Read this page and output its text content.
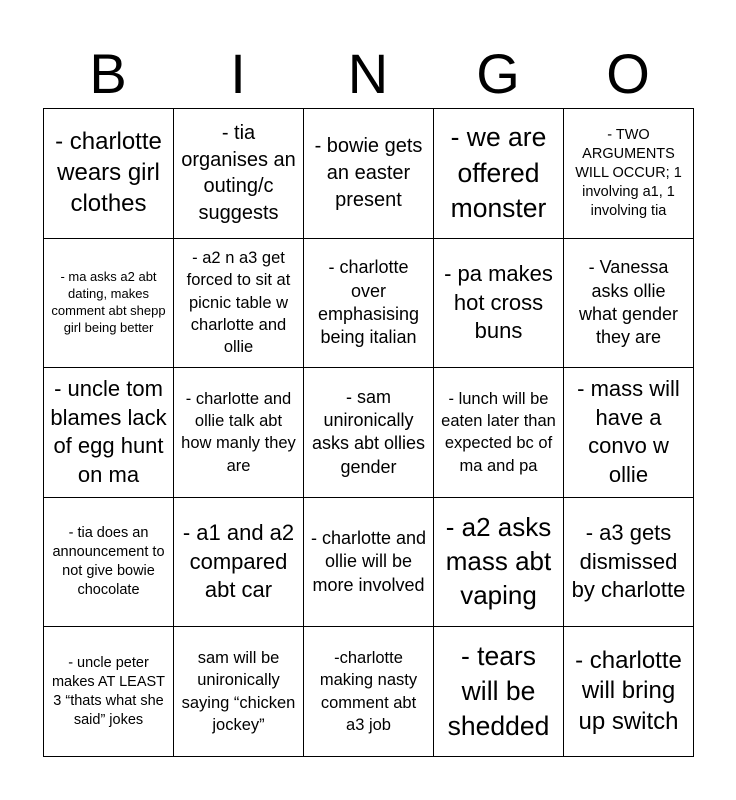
B	I	N	G	O
- charlotte wears girl clothes	- tia organises an outing/c suggests	- bowie gets an easter present	- we are offered monster	- TWO ARGUMENTS WILL OCCUR; 1 involving a1, 1 involving tia
- ma asks a2 abt dating, makes comment abt shepp girl being better	- a2 n a3 get forced to sit at picnic table w charlotte and ollie	- charlotte over emphasising being italian	- pa makes hot cross buns	- Vanessa asks ollie what gender they are
- uncle tom blames lack of egg hunt on ma	- charlotte and ollie talk abt how manly they are	- sam unironically asks abt ollies gender	- lunch will be eaten later than expected bc of ma and pa	- mass will have a convo w ollie
- tia does an announcement to not give bowie chocolate	- a1 and a2 compared abt car	- charlotte and ollie will be more involved	- a2 asks mass abt vaping	- a3 gets dismissed by charlotte
- uncle peter makes AT LEAST 3 “thats what she said” jokes	sam will be unironically saying “chicken jockey”	-charlotte making nasty comment abt a3 job	- tears will be shedded	- charlotte will bring up switch
